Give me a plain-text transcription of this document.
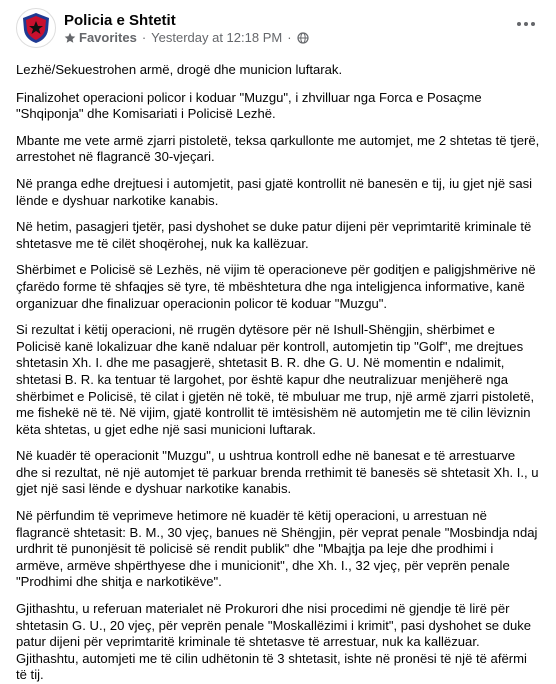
Policia e Shtetit
Favorites · Yesterday at 12:18 PM ·

Lezhë/Sekuestrohen armë, drogë dhe municion luftarak.

Finalizohet operacioni policor i koduar "Muzgu", i zhvilluar nga Forca e Posaçme "Shqiponja" dhe Komisariati i Policisë Lezhë.

Mbante me vete armë zjarri pistoletë, teksa qarkullonte me automjet, me 2 shtetas të tjerë, arrestohet në flagrancë 30-vjeçari.

Në pranga edhe drejtuesi i automjetit, pasi gjatë kontrollit në banesën e tij, iu gjet një sasi lënde e dyshuar narkotike kanabis.

Në hetim, pasagjeri tjetër, pasi dyshohet se duke patur dijeni për veprimtaritë kriminale të shtetasve me të cilët shoqërohej, nuk ka kallëzuar.

Shërbimet e Policisë së Lezhës, në vijim të operacioneve për goditjen e paligjshmërive në çfarëdo forme të shfaqjes së tyre, të mbështetura dhe nga inteligjenca informative, kanë organizuar dhe finalizuar operacionin policor të koduar "Muzgu".

Si rezultat i këtij operacioni, në rrugën dytësore për në Ishull-Shëngjin, shërbimet e Policisë kanë lokalizuar dhe kanë ndaluar për kontroll, automjetin tip "Golf", me drejtues shtetasin Xh. I. dhe me pasagjerë, shtetasit B. R. dhe G. U. Në momentin e ndalimit, shtetasi B. R. ka tentuar të largohet, por është kapur dhe neutralizuar menjëherë nga shërbimet e Policisë, të cilat i gjetën në tokë, të mbuluar me trup, një armë zjarri pistoletë, me fishekë në të. Në vijim, gjatë kontrollit të imtësishëm në automjetin me të cilin lëviznin këta shtetas, u gjet edhe një sasi municioni luftarak.

Në kuadër të operacionit "Muzgu", u ushtrua kontroll edhe në banesat e të arrestuarve dhe si rezultat, në një automjet të parkuar brenda rrethimit të banesës së shtetasit Xh. I., u gjet një sasi lënde e dyshuar narkotike kanabis.

Në përfundim të veprimeve hetimore në kuadër të këtij operacioni, u arrestuan në flagrancë shtetasit: B. M., 30 vjeç, banues në Shëngjin, për veprat penale "Mosbindja ndaj urdhrit të punonjësit të policisë së rendit publik" dhe "Mbajtja pa leje dhe prodhimi i armëve, armëve shpërthyese dhe i municionit", dhe Xh. I., 32 vjeç, për veprën penale "Prodhimi dhe shitja e narkotikëve".

Gjithashtu, u referuan materialet në Prokurori dhe nisi procedimi në gjendje të lirë për shtetasin G. U., 20 vjeç, për veprën penale "Moskallëzimi i krimit", pasi dyshohet se duke patur dijeni për veprimtaritë kriminale të shtetasve të arrestuar, nuk ka kallëzuar. Gjithashtu, automjeti me të cilin udhëtonin të 3 shtetasit, ishte në pronësi të një të afërmi të tij.
